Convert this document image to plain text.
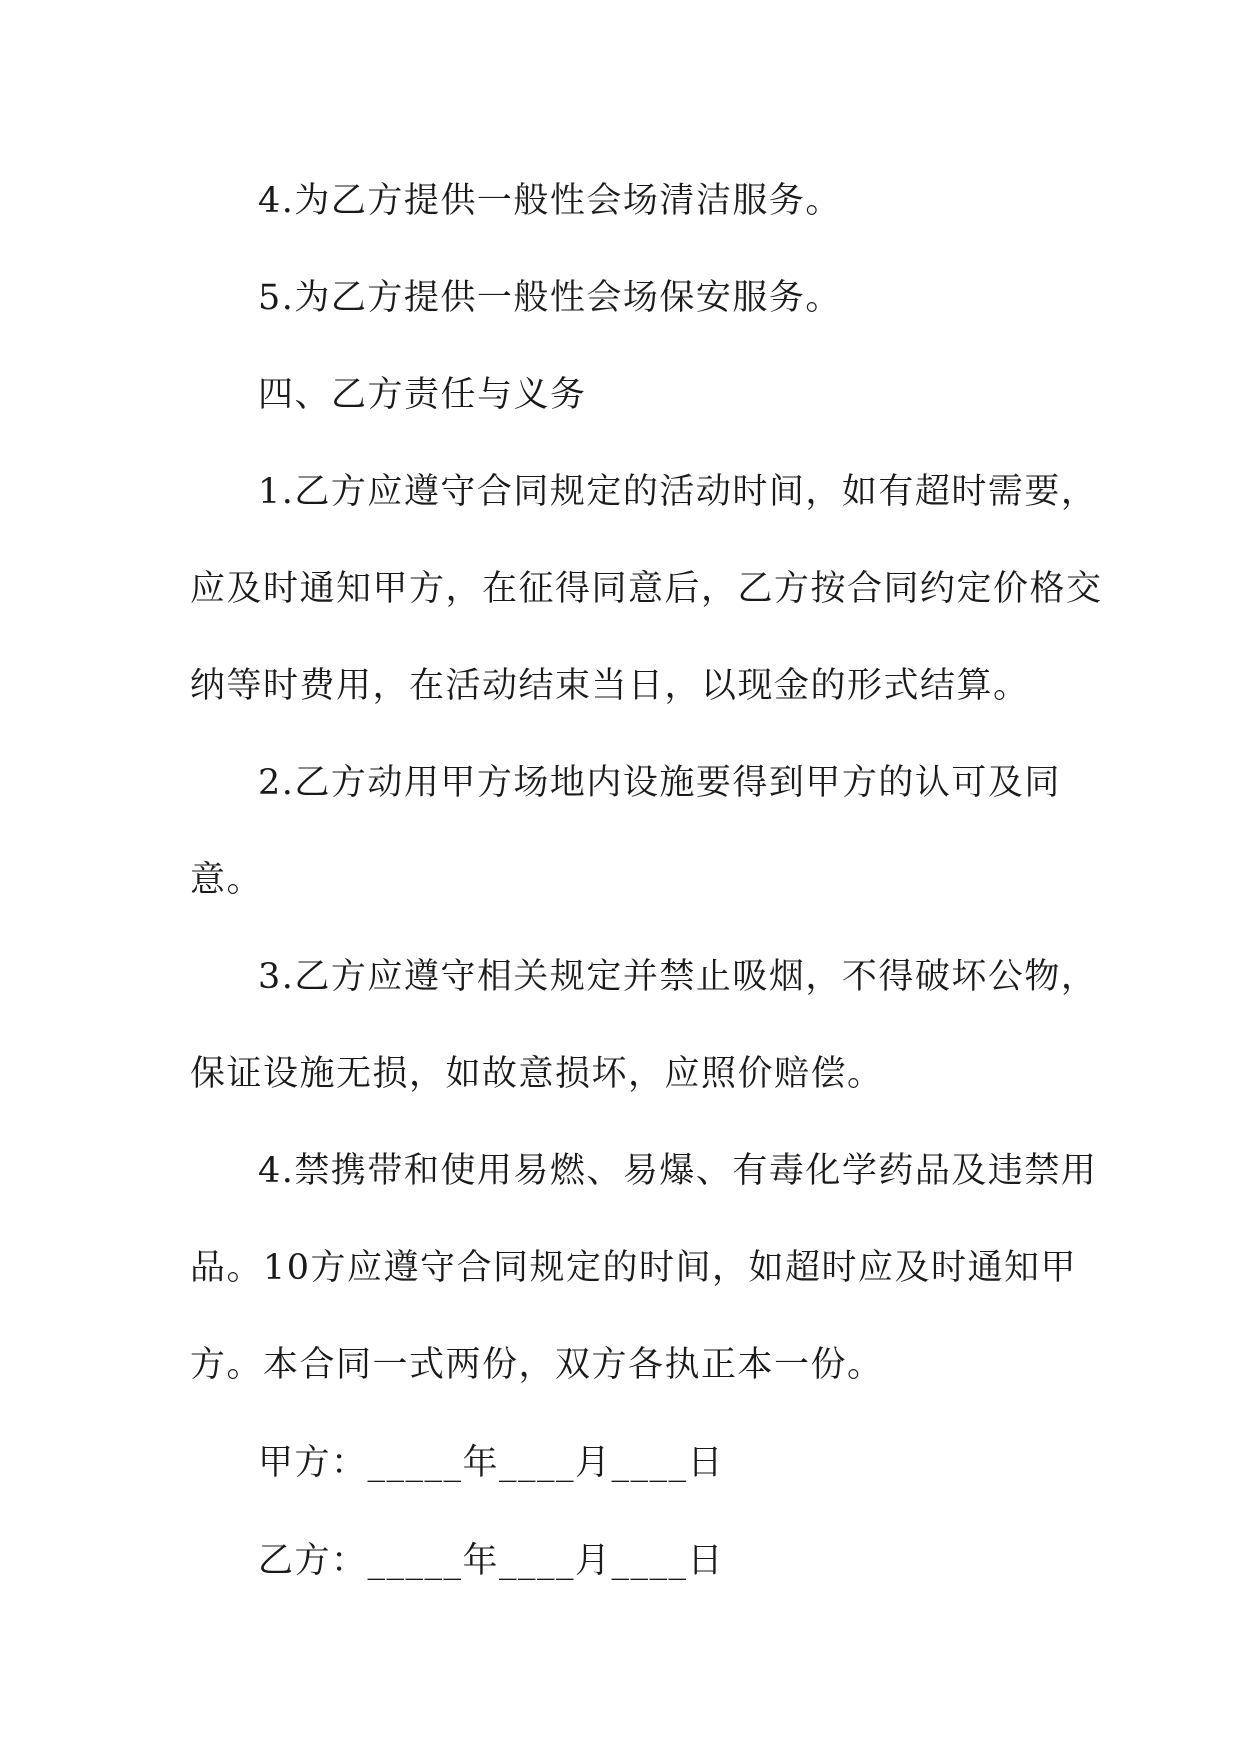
4.为乙方提供一般性会场清洁服务。
5.为乙方提供一般性会场保安服务。
四、乙方责任与义务
1.乙方应遵守合同规定的活动时间，如有超时需要，
应及时通知甲方，在征得同意后，乙方按合同约定价格交
纳等时费用，在活动结束当日，以现金的形式结算。
2.乙方动用甲方场地内设施要得到甲方的认可及同
意。
3.乙方应遵守相关规定并禁止吸烟，不得破坏公物，
保证设施无损，如故意损坏，应照价赔偿。
4.禁携带和使用易燃、易爆、有毒化学药品及违禁用
品。10方应遵守合同规定的时间，如超时应及时通知甲
方。本合同一式两份，双方各执正本一份。
甲方：_____年____月____日
乙方：_____年____月____日
